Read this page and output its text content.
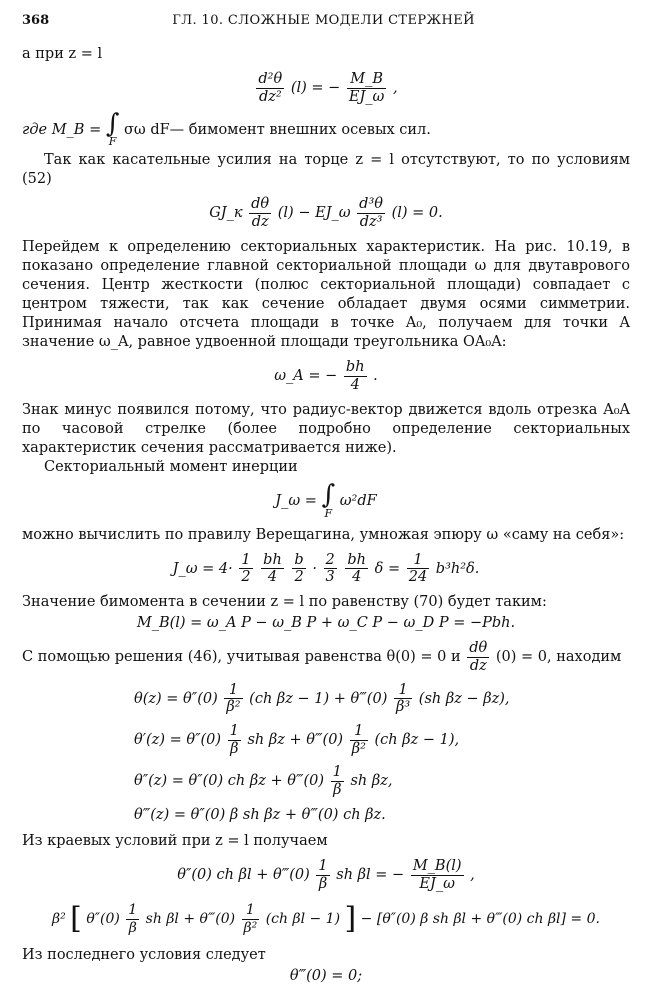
368	ГЛ. 10. СЛОЖНЫЕ МОДЕЛИ СТЕРЖНЕЙ

а при z = l

$\frac{\text{d²θ}}{\text{dz²}} (l)$ = − $\frac{M\_B}{EJ\_\omega}$ ,

где M_B = ∫
F
σω dF— бимомент внешних осевых сил.

Так как касательные усилия на торце z = l отсутствуют, то по условиям (52)

GJ_к $\frac{d\theta}{dz} (l)$ − EJ_ω $\frac{\text{d³θ}}{\text{dz³}} (l) = 0$.

Перейдем к определению секториальных характеристик. На рис. 10.19, в показано определение главной секториальной площади ω для двутаврового сечения. Центр жесткости (полюс секториальной площади) совпадает с центром тяжести, так как сечение обладает двумя осями симметрии. Принимая начало отсчета площади в точке A₀, получаем для точки A значение ω_A, равное удвоенной площади треугольника OA₀A:

ω_A = − $\frac{bh}{4}$ .

Знак минус появился потому, что радиус-вектор движется вдоль отрезка A₀A по часовой стрелке (более подробно определение секториальных характеристик сечения рассматривается ниже).

Секториальный момент инерции

J_ω = ∫
F
ω²dF

можно вычислить по правилу Верещагина, умножая эпюру ω «саму на себя»:

J_ω = $4\cdot \frac{1}{2}$
$\frac{bh}{4}$
$\frac{b}{2} \cdot \frac{2}{3}$
$\frac{bh}{4}$ $\delta = \frac{1}{24} b^3h^2\delta$.

Значение бимомента в сечении z = l по равенству (70) будет таким:

M_B(l) = ω_A P − ω_B P + ω_C P − ω_D P = −Pbh.

С помощью решения (46), учитывая равенства θ(0) = 0 и $\frac{d\theta}{dz} (0) = 0$, находим

$\theta(z) = \theta''(0) \frac{1}{\text{β²}} (ch$ βz − 1) + θ‴(0) $\frac{1}{\text{β³}} (sh$ βz − βz),
$\theta'(z) = \theta''(0) \frac{1}{\beta}$ sh βz + θ‴(0) $\frac{1}{\text{β²}} (ch$ βz − 1),
θ″(z) = θ″(0) ch βz + θ‴(0) $\frac{1}{\beta}$ sh βz,
θ‴(z) = θ″(0) β sh βz + θ‴(0) ch βz.

Из краевых условий при z = l получаем

θ″(0) ch βl + θ‴(0) $\frac{1}{\beta}$ sh βl = − $\frac{M\_B(l)}{EJ\_\omega}$ ,
β² [ $\theta''(0) \frac{1}{\beta}$ sh βl + θ‴(0) $\frac{1}{\text{β²}} (ch$ βl − 1) ] − [θ″(0) β sh βl + θ‴(0) ch βl] = 0.

Из последнего условия следует

θ‴(0) = 0;
